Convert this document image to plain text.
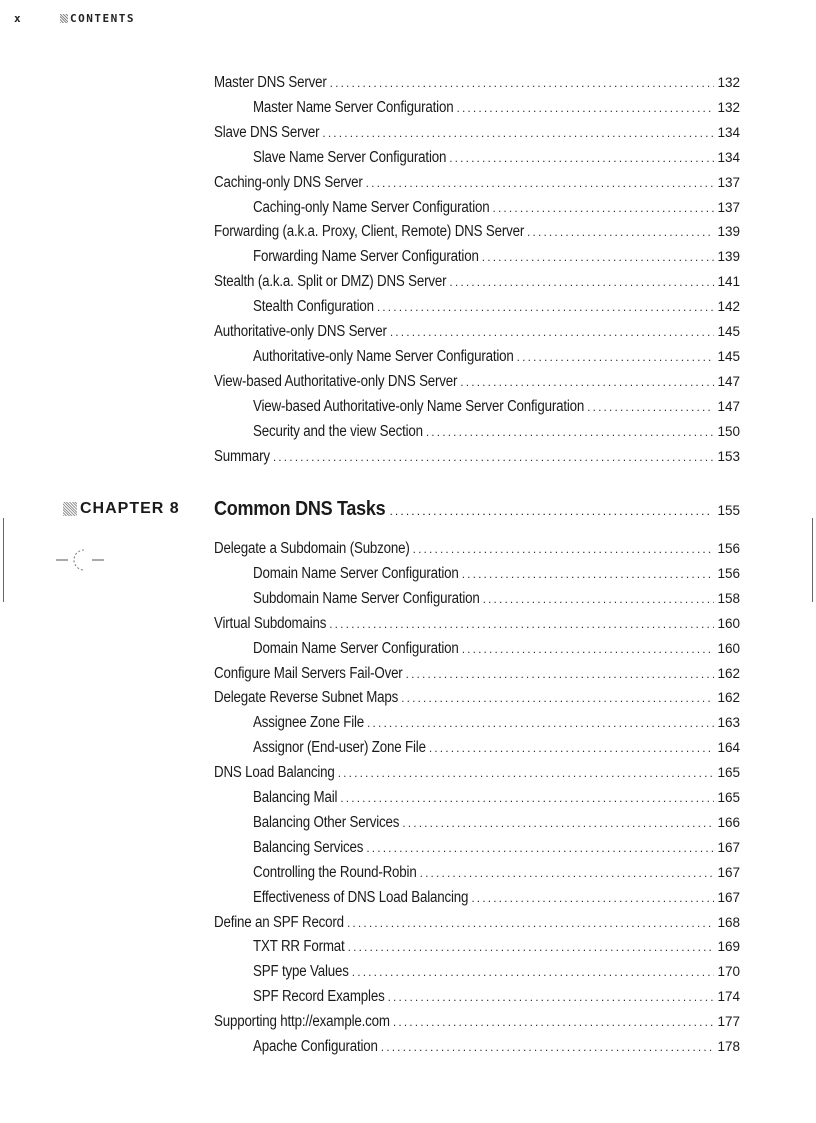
x	CONTENTS
Master DNS Server . . .	132
Master Name Server Configuration . . .	132
Slave DNS Server . . .	134
Slave Name Server Configuration . . .	134
Caching-only DNS Server . . .	137
Caching-only Name Server Configuration . . .	137
Forwarding (a.k.a. Proxy, Client, Remote) DNS Server . . .	139
Forwarding Name Server Configuration . . .	139
Stealth (a.k.a. Split or DMZ) DNS Server . . .	141
Stealth Configuration . . .	142
Authoritative-only DNS Server . . .	145
Authoritative-only Name Server Configuration . . .	145
View-based Authoritative-only DNS Server . . .	147
View-based Authoritative-only Name Server Configuration . . .	147
Security and the view Section . . .	150
Summary . . .	153
CHAPTER 8 Common DNS Tasks . . .	155
Delegate a Subdomain (Subzone) . . .	156
Domain Name Server Configuration . . .	156
Subdomain Name Server Configuration . . .	158
Virtual Subdomains . . .	160
Domain Name Server Configuration . . .	160
Configure Mail Servers Fail-Over . . .	162
Delegate Reverse Subnet Maps . . .	162
Assignee Zone File . . .	163
Assignor (End-user) Zone File . . .	164
DNS Load Balancing . . .	165
Balancing Mail . . .	165
Balancing Other Services . . .	166
Balancing Services . . .	167
Controlling the Round-Robin . . .	167
Effectiveness of DNS Load Balancing . . .	167
Define an SPF Record . . .	168
TXT RR Format . . .	169
SPF type Values . . .	170
SPF Record Examples . . .	174
Supporting http://example.com . . .	177
Apache Configuration . . .	178
